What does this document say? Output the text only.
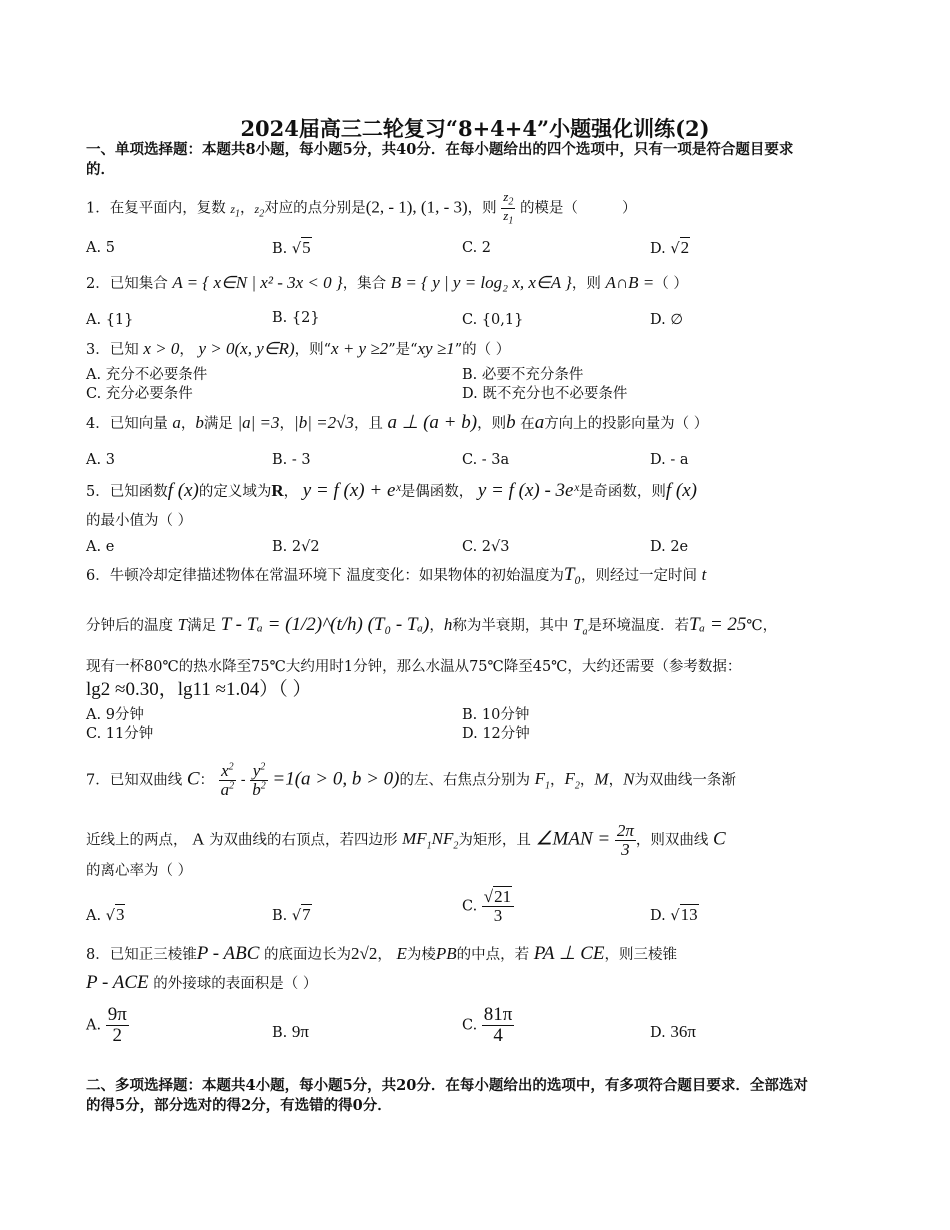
2024届高三二轮复习“8+4+4”小题强化训练(2)
一、单项选择题：本题共8小题，每小题5分，共40分．在每小题给出的四个选项中，只有一项是符合题目要求的．
1．在复平面内，复数 $z_1$，$z_2$对应的点分别是(2, - 1), (1, - 3)，则 $\frac{z_2}{z_1}$ 的模是（	）
A. 5	B. √5	C. 2	D. √2
2．已知集合 A = { x∈N | x² - 3x < 0 }，集合 B = { y | y = log₂ x, x∈A }，则 A∩B =（ ）
A. {1}	B. {2}	C. {0,1}	D. ∅
3．已知 x > 0， y > 0(x, y∈R)，则“x + y ≥2”是“xy ≥1”的（ ）
A. 充分不必要条件	B. 必要不充分条件
C. 充分必要条件	D. 既不充分也不必要条件
4．已知向量 a，b满足 |a| =3，|b| =2√3，且 a ⊥ (a + b)，则b 在a方向上的投影向量为（ ）
A. 3	B. - 3	C. - 3a	D. - a
5．已知函数f (x)的定义域为R， y = f (x) + eˣ是偶函数， y = f (x) - 3eˣ是奇函数，则f (x)
的最小值为（ ）
A. e	B. 2√2	C. 2√3	D. 2e
6．牛顿冷却定律描述物体在常温环境下 温度变化：如果物体的初始温度为T₀，则经过一定时间 t
分钟后的温度 T满足 T - Tₐ = (1/2)^(t/h) (T₀ - Tₐ)，h称为半衰期，其中 $T_a$是环境温度．若Tₐ = 25℃，
现有一杯80℃的热水降至75℃大约用时1分钟，那么水温从75℃降至45℃，大约还需要（参考数据：
lg2 ≈0.30，lg11 ≈1.04）（ ）
A. 9分钟	B. 10分钟
C. 11分钟	D. 12分钟
7．已知双曲线 C： $\frac{x^2}{a^2} - \frac{y^2}{b^2} =1(a > 0$, b > 0)的左、右焦点分别为 $F_1$，$F_2$，M，N为双曲线一条渐
近线上的两点， A 为双曲线的右顶点，若四边形 $MF_1NF_2$为矩形，且 ∠MAN = $\frac{2\pi}{3}$ ，则双曲线 C
的离心率为（ ）
A. √3	B. √7	C. $\frac{√21}{3}$	D. √13
8．已知正三棱锥P - ABC 的底面边长为2√2， E为棱PB的中点，若 PA ⊥ CE，则三棱锥
P - ACE 的外接球的表面积是（ ）
A. $\frac{9\pi}{2}$	B. 9π	C. $\frac{81\pi}{4}$	D. 36π
二、多项选择题：本题共4小题，每小题5分，共20分．在每小题给出的选项中，有多项符合题目要求．全部选对的得5分，部分选对的得2分，有选错的得0分．
